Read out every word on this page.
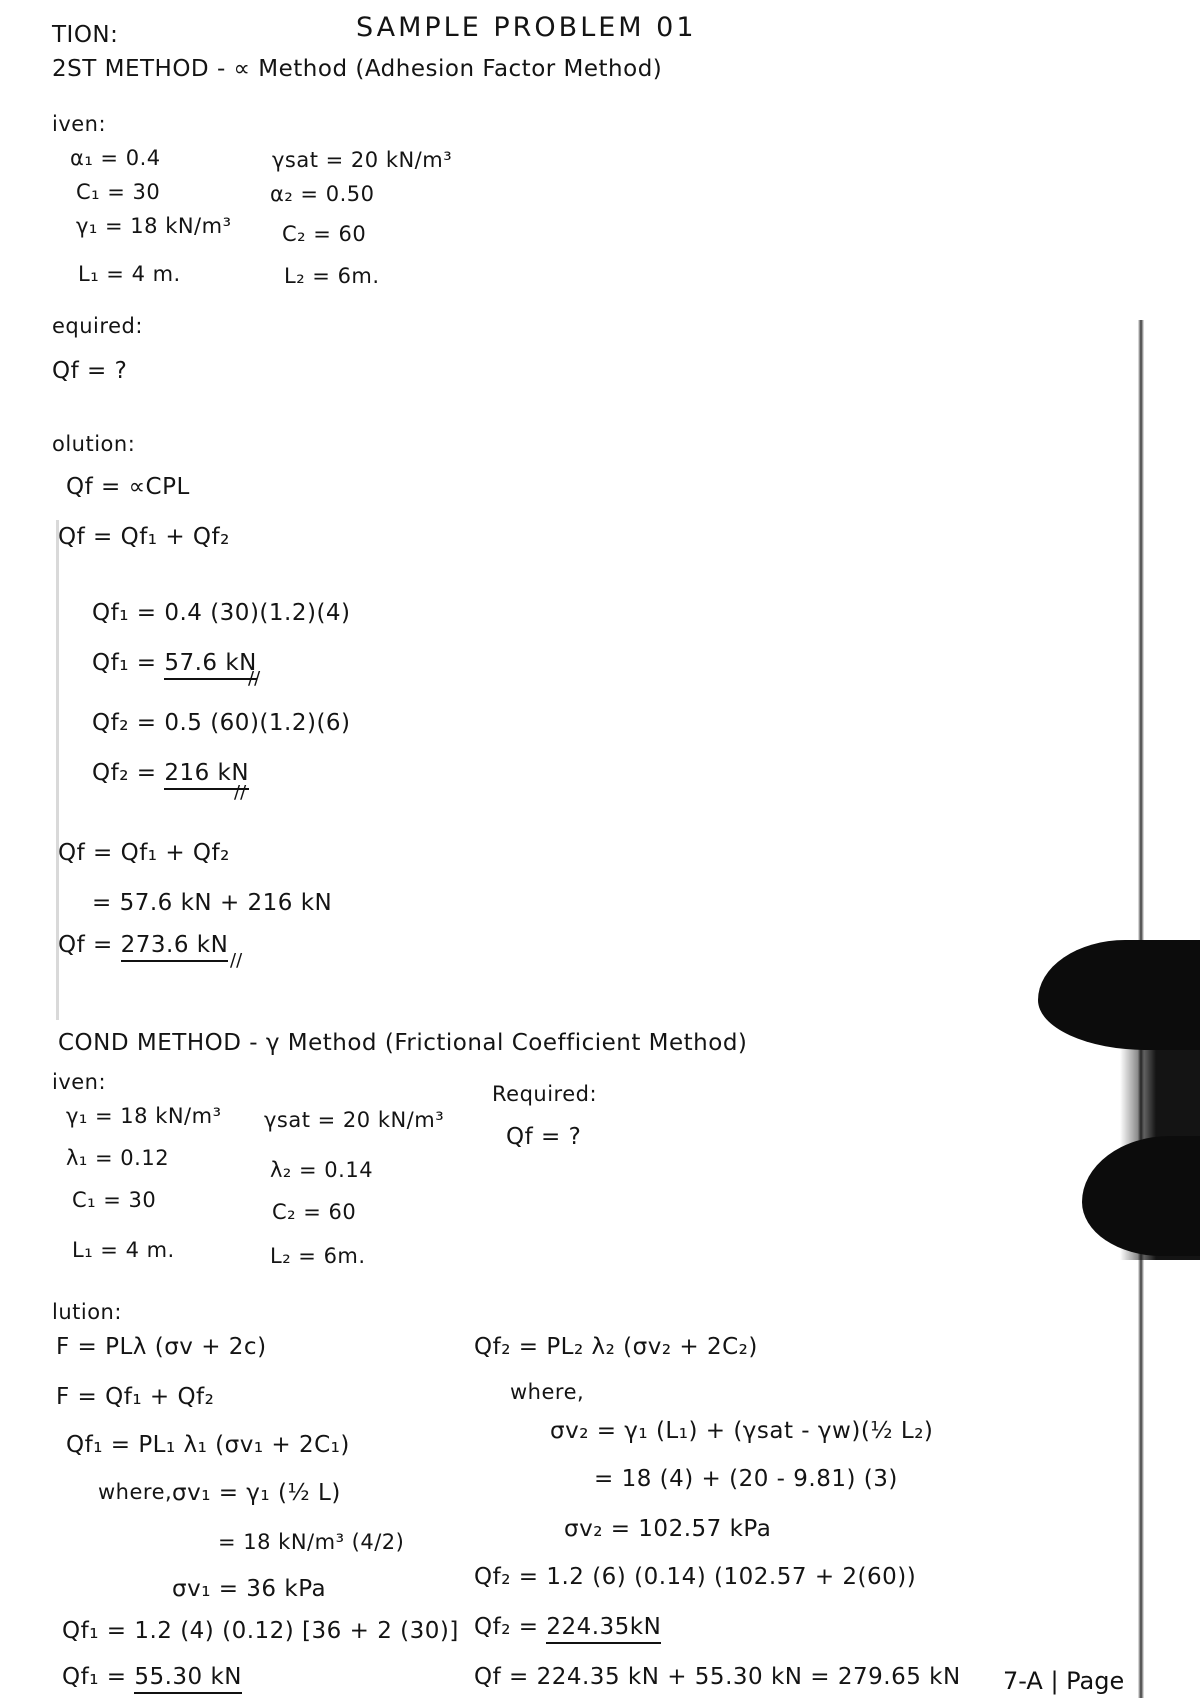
TION:	SAMPLE PROBLEM 01
2ST METHOD - ∝ Method (Adhesion Factor Method)
iven:
α₁ = 0.4
C₁ = 30
γ₁ = 18 kN/m³
L₁ = 4 m.
γsat = 20 kN/m³
α₂ = 0.50
C₂ = 60
L₂ = 6m.
equired:
Qf = ?
olution:
Qf = ∝CPL
Qf = Qf₁ + Qf₂
Qf₁ = 0.4 (30)(1.2)(4)
Qf₁ = 57.6 kN
//
Qf₂ = 0.5 (60)(1.2)(6)
Qf₂ = 216 kN
//
Qf = Qf₁ + Qf₂
= 57.6 kN + 216 kN
Qf = 273.6 kN
//
COND METHOD - γ Method (Frictional Coefficient Method)
iven:
γ₁ = 18 kN/m³
λ₁ = 0.12
C₁ = 30
L₁ = 4 m.
γsat = 20 kN/m³
λ₂ = 0.14
C₂ = 60
L₂ = 6m.
Required:
Qf = ?
lution:
F = PLλ (σv + 2c)
F = Qf₁ + Qf₂
Qf₁ = PL₁ λ₁ (σv₁ + 2C₁)
where, σv₁ = γ₁ (½ L)
= 18 kN/m³ (4/2)
σv₁ = 36 kPa
Qf₁ = 1.2 (4) (0.12) [36 + 2 (30)]
Qf₁ = 55.30 kN
Qf₂ = PL₂ λ₂ (σv₂ + 2C₂)
where,
σv₂ = γ₁ (L₁) + (γsat - γw)(½ L₂)
= 18 (4) + (20 - 9.81) (3)
σv₂ = 102.57 kPa
Qf₂ = 1.2 (6) (0.14) (102.57 + 2(60))
Qf₂ = 224.35kN
Qf = 224.35 kN + 55.30 kN = 279.65 kN 7-A | Page
